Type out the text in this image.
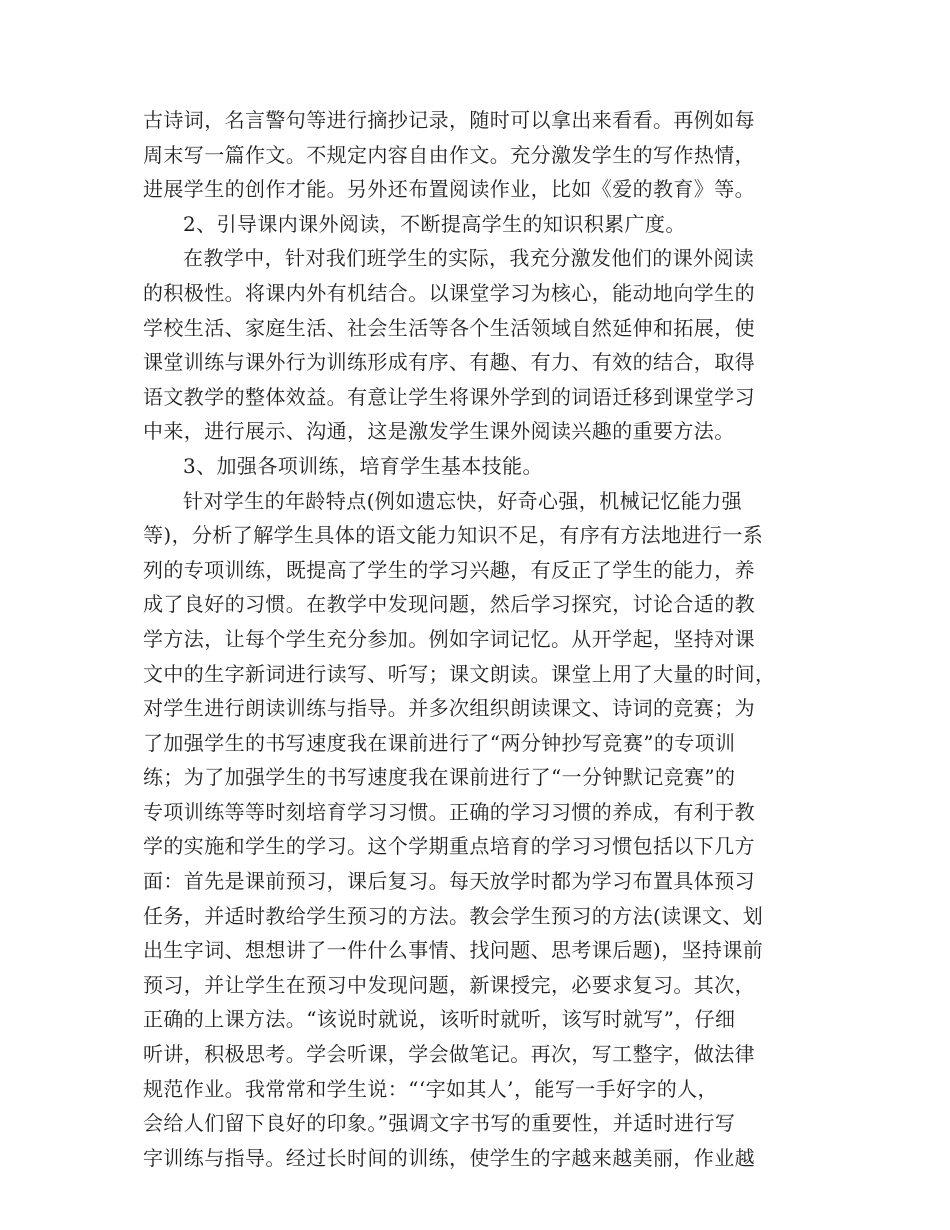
古诗词，名言警句等进行摘抄记录，随时可以拿出来看看。再例如每
周末写一篇作文。不规定内容自由作文。充分激发学生的写作热情，
进展学生的创作才能。另外还布置阅读作业，比如《爱的教育》等。
2、引导课内课外阅读，不断提高学生的知识积累广度。
在教学中，针对我们班学生的实际，我充分激发他们的课外阅读
的积极性。将课内外有机结合。以课堂学习为核心，能动地向学生的
学校生活、家庭生活、社会生活等各个生活领域自然延伸和拓展，使
课堂训练与课外行为训练形成有序、有趣、有力、有效的结合，取得
语文教学的整体效益。有意让学生将课外学到的词语迁移到课堂学习
中来，进行展示、沟通，这是激发学生课外阅读兴趣的重要方法。
3、加强各项训练，培育学生基本技能。
针对学生的年龄特点(例如遗忘快，好奇心强，机械记忆能力强
等)，分析了解学生具体的语文能力知识不足，有序有方法地进行一系
列的专项训练，既提高了学生的学习兴趣，有反正了学生的能力，养
成了良好的习惯。在教学中发现问题，然后学习探究，讨论合适的教
学方法，让每个学生充分参加。例如字词记忆。从开学起，坚持对课
文中的生字新词进行读写、听写；课文朗读。课堂上用了大量的时间，
对学生进行朗读训练与指导。并多次组织朗读课文、诗词的竞赛；为
了加强学生的书写速度我在课前进行了“两分钟抄写竞赛”的专项训
练；为了加强学生的书写速度我在课前进行了“一分钟默记竞赛”的
专项训练等等时刻培育学习习惯。正确的学习习惯的养成，有利于教
学的实施和学生的学习。这个学期重点培育的学习习惯包括以下几方
面：首先是课前预习，课后复习。每天放学时都为学习布置具体预习
任务，并适时教给学生预习的方法。教会学生预习的方法(读课文、划
出生字词、想想讲了一件什么事情、找问题、思考课后题)，坚持课前
预习，并让学生在预习中发现问题，新课授完，必要求复习。其次，
正确的上课方法。“该说时就说，该听时就听，该写时就写”，仔细
听讲，积极思考。学会听课，学会做笔记。再次，写工整字，做法律
规范作业。我常常和学生说：“‘字如其人’，能写一手好字的人，
会给人们留下良好的印象。”强调文字书写的重要性，并适时进行写
字训练与指导。经过长时间的训练，使学生的字越来越美丽，作业越
